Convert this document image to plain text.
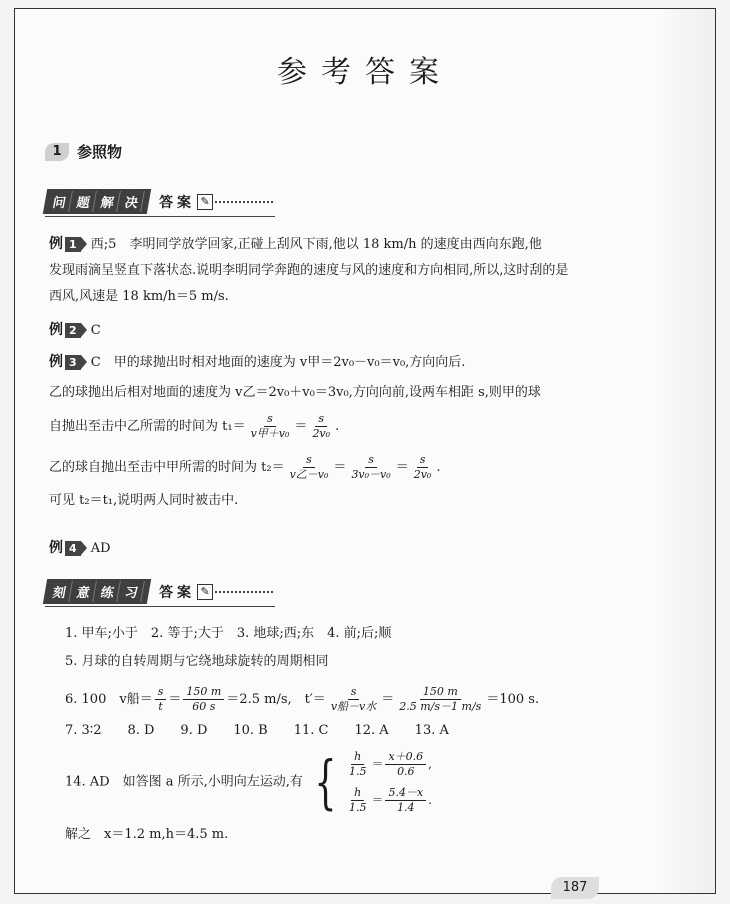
参考答案
1	参照物
问 题 解 决	答案 ✎
例 1	西;5　李明同学放学回家,正碰上刮风下雨,他以 18 km/h 的速度由西向东跑,他
发现雨滴呈竖直下落状态.说明李明同学奔跑的速度与风的速度和方向相同,所以,这时刮的是
西风,风速是 18 km/h＝5 m/s.
例 2	C
例 3	C　甲的球抛出时相对地面的速度为 v甲＝2v₀－v₀＝v₀,方向向后.
乙的球抛出后相对地面的速度为 v乙＝2v₀＋v₀＝3v₀,方向向前,设两车相距 s,则甲的球
自抛出至击中乙所需的时间为 $t_1= \frac{s}{\text{v甲＋v₀}} = \frac{s}{\text{2v₀}}$ .
乙的球自抛出至击中甲所需的时间为 $t_2= \frac{s}{\text{v乙－v₀}} = \frac{s}{\text{3v₀－v₀}} = \frac{s}{\text{2v₀}}$ .
可见 t₂＝t₁,说明两人同时被击中.
例 4	AD
刻 意 练 习	答案 ✎
1. 甲车;小于　2. 等于;大于　3. 地球;西;东　4. 前;后;顺
5. 月球的自转周期与它绕地球旋转的周期相同
6. 100　v船＝ $\frac{s}{t} = \frac{150 m}{60 s} =2.5$ m/s,　$t'= \frac{s}{\text{v船－v水}} = \frac{150 m}{2.5 m/s-1 m/s} =100$ s.
7. 3∶2　　8. D　　9. D　　10. B　　11. C　　12. A　　13. A
14. AD　如答图 a 所示,小明向左运动,有 { $\frac{h}{1.5} = \frac{x+0.6}{0.6}$ ,
$\frac{h}{1.5} = \frac{5.4-x}{1.4}$ .
解之　x＝1.2 m,h＝4.5 m.
187
